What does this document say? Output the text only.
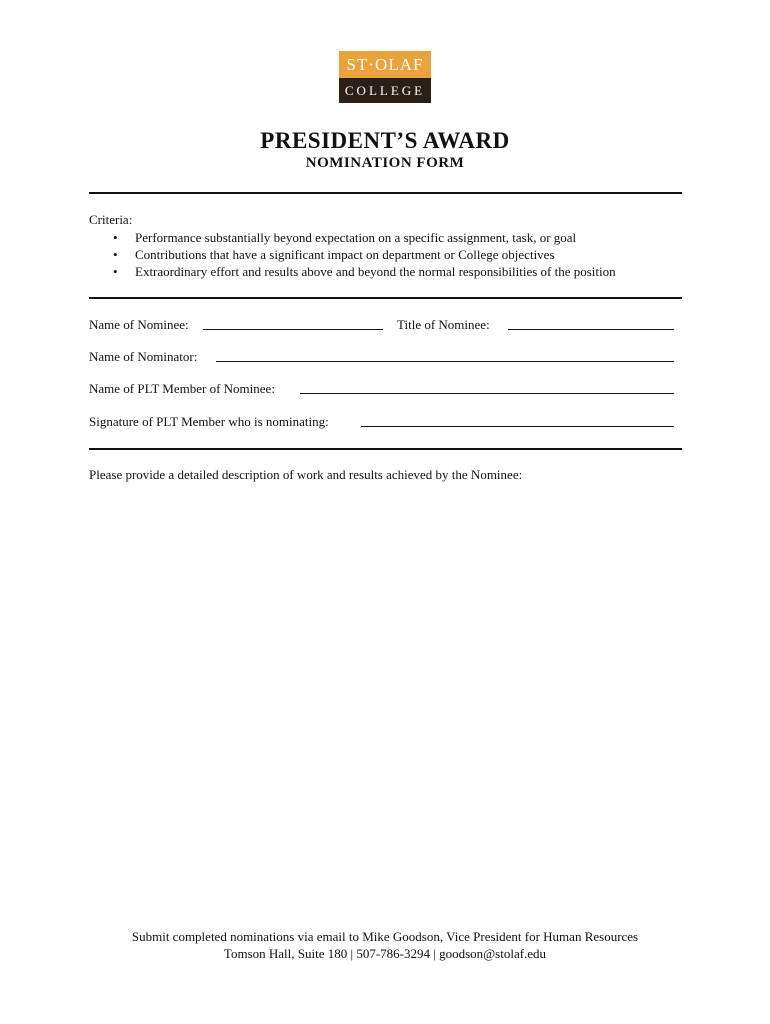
ST·OLAF
COLLEGE
PRESIDENT’S AWARD
NOMINATION FORM
Criteria:
• Performance substantially beyond expectation on a specific assignment, task, or goal
• Contributions that have a significant impact on department or College objectives
• Extraordinary effort and results above and beyond the normal responsibilities of the position
Name of Nominee:	Title of Nominee:
Name of Nominator:
Name of PLT Member of Nominee:
Signature of PLT Member who is nominating:
Please provide a detailed description of work and results achieved by the Nominee:
Submit completed nominations via email to Mike Goodson, Vice President for Human Resources
Tomson Hall, Suite 180 | 507-786-3294 | goodson@stolaf.edu
